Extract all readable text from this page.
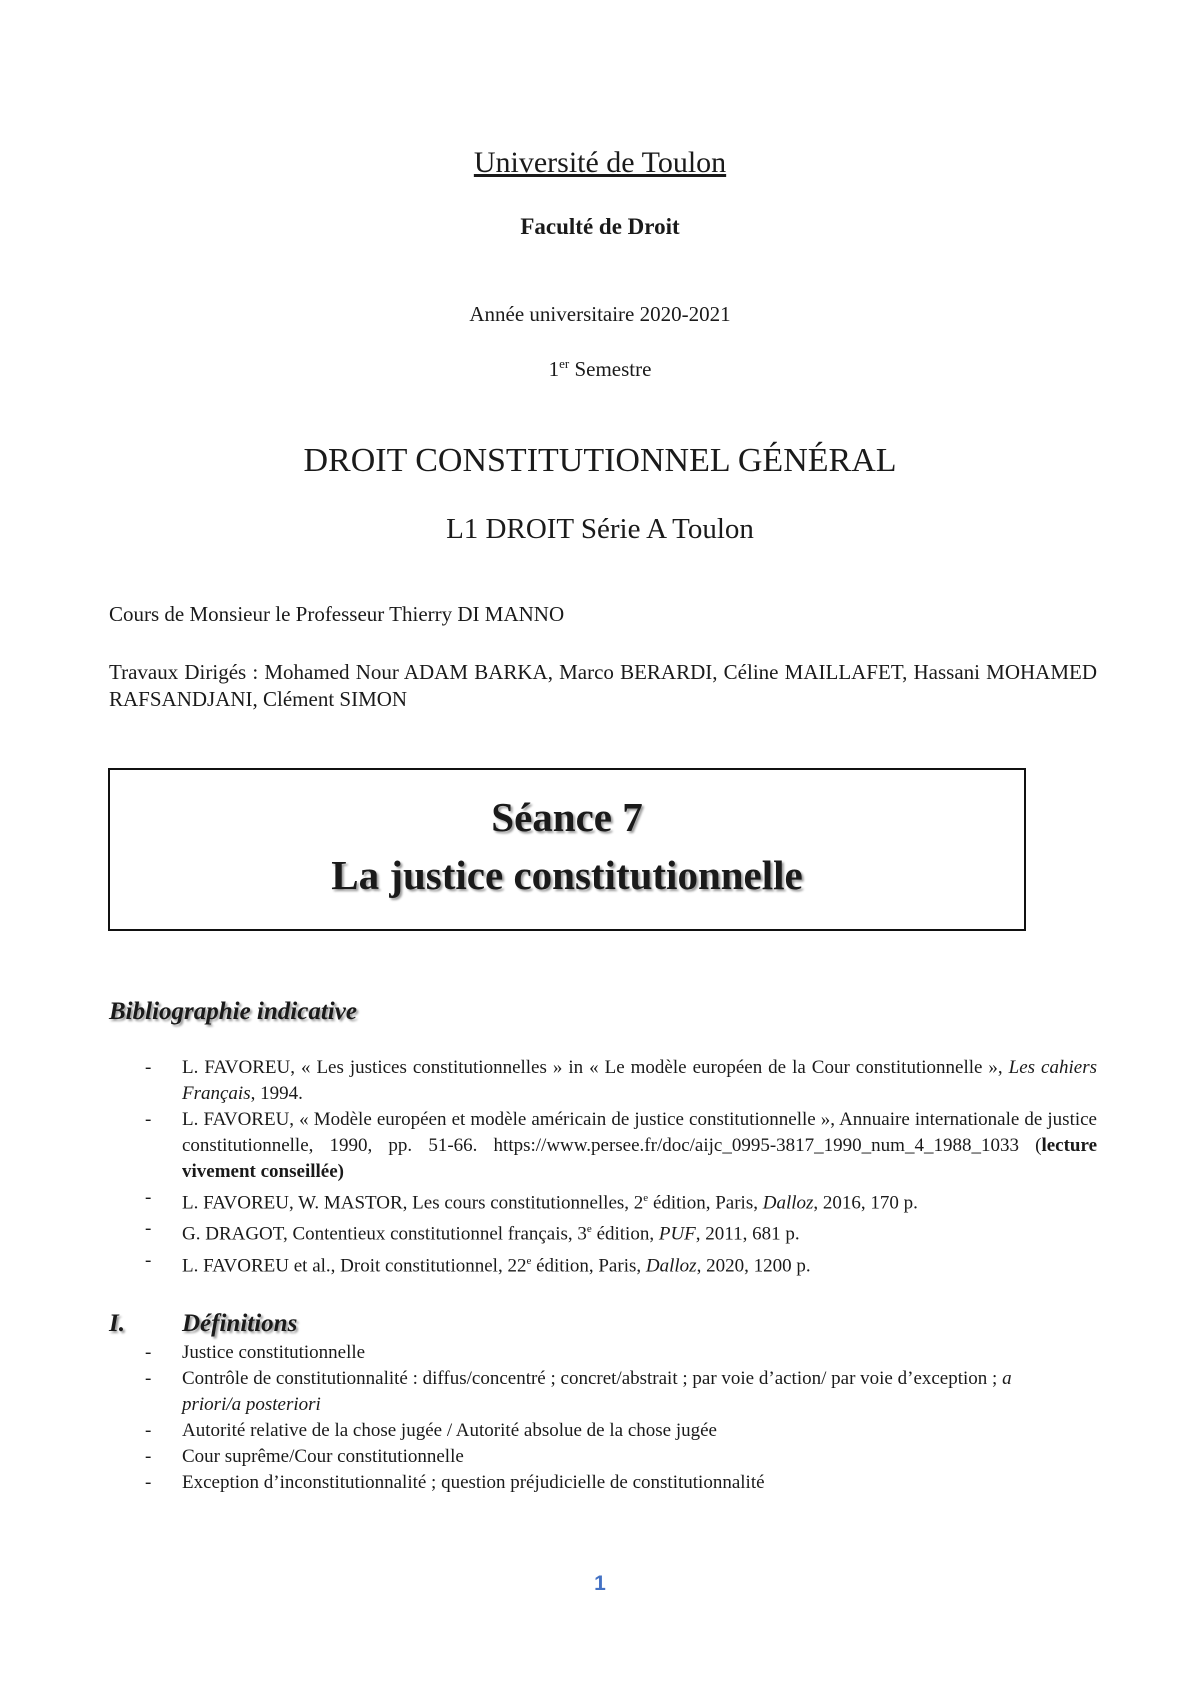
Université de Toulon
Faculté de Droit
Année universitaire 2020-2021
1er Semestre
DROIT CONSTITUTIONNEL GÉNÉRAL
L1 DROIT Série A Toulon
Cours de Monsieur le Professeur Thierry DI MANNO
Travaux Dirigés : Mohamed Nour ADAM BARKA, Marco BERARDI, Céline MAILLAFET, Hassani MOHAMED RAFSANDJANI, Clément SIMON
Séance 7
La justice constitutionnelle
Bibliographie indicative
- L. FAVOREU, « Les justices constitutionnelles » in « Le modèle européen de la Cour constitutionnelle », Les cahiers Français, 1994.
- L. FAVOREU, « Modèle européen et modèle américain de justice constitutionnelle », Annuaire internationale de justice constitutionnelle, 1990, pp. 51-66. https://www.persee.fr/doc/aijc_0995-3817_1990_num_4_1988_1033 (lecture vivement conseillée)
- L. FAVOREU, W. MASTOR, Les cours constitutionnelles, 2e édition, Paris, Dalloz, 2016, 170 p.
- G. DRAGOT, Contentieux constitutionnel français, 3e édition, PUF, 2011, 681 p.
- L. FAVOREU et al., Droit constitutionnel, 22e édition, Paris, Dalloz, 2020, 1200 p.
I. Définitions
- Justice constitutionnelle
- Contrôle de constitutionnalité : diffus/concentré ; concret/abstrait ; par voie d’action/ par voie d’exception ; a priori/a posteriori
- Autorité relative de la chose jugée / Autorité absolue de la chose jugée
- Cour suprême/Cour constitutionnelle
- Exception d’inconstitutionnalité ; question préjudicielle de constitutionnalité
1
